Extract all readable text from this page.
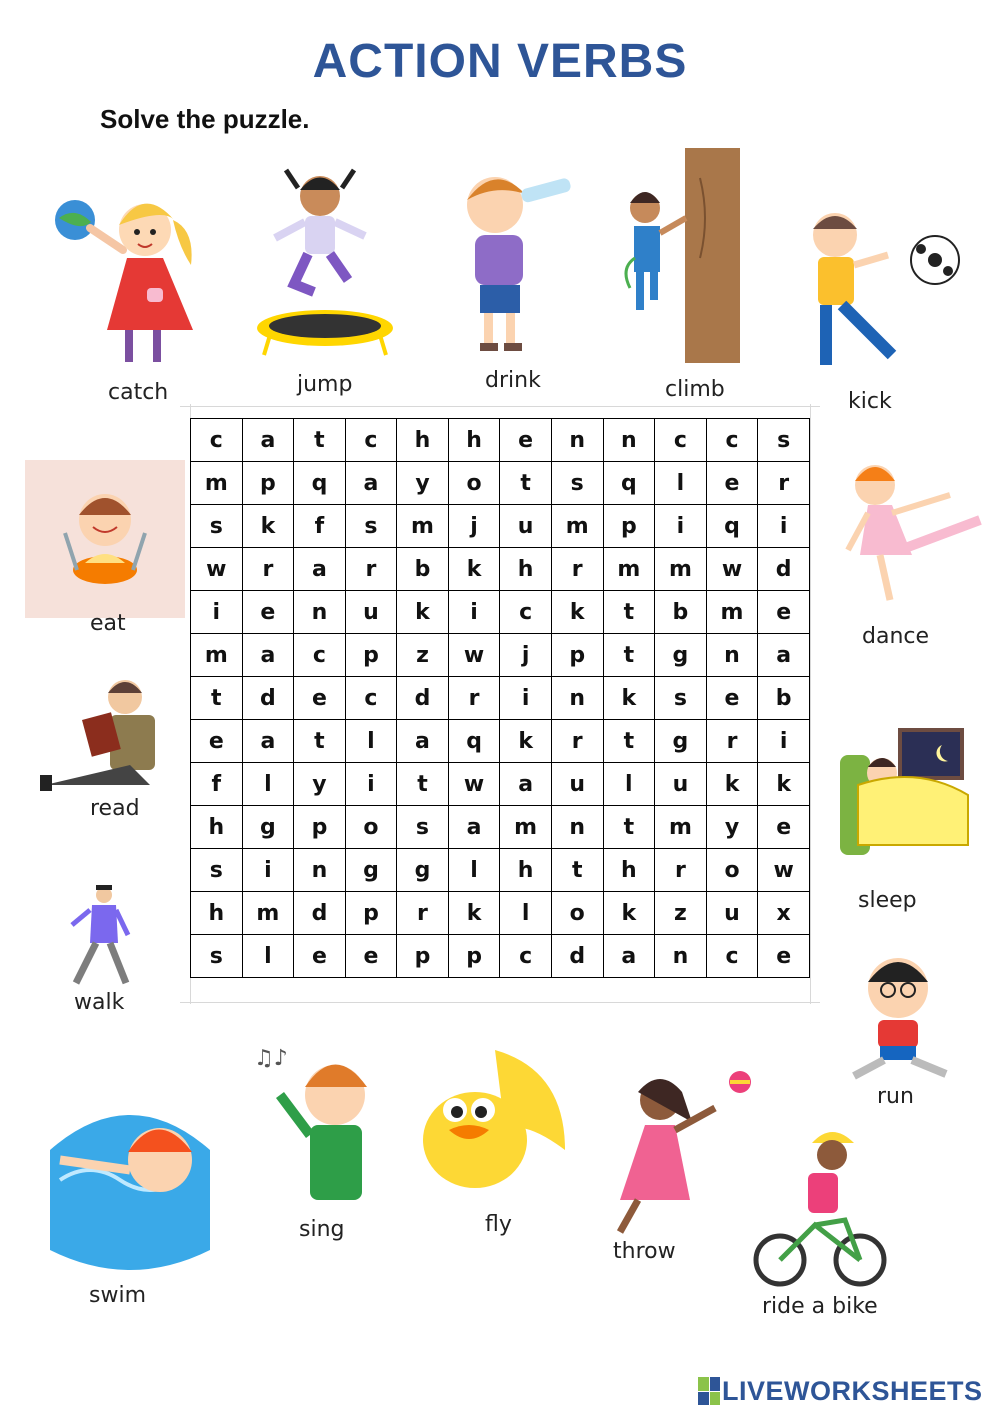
ACTION VERBS
Solve the puzzle.
♫♪
catch	jump	drink	climb	kick
eat
dance
read
sleep
walk
run
swim
sing	fly
throw
ride a bike
c	a	t	c	h	h	e	n	n	c	c	s
m	p	q	a	y	o	t	s	q	l	e	r
s	k	f	s	m	j	u	m	p	i	q	i
w	r	a	r	b	k	h	r	m	m	w	d
i	e	n	u	k	i	c	k	t	b	m	e
m	a	c	p	z	w	j	p	t	g	n	a
t	d	e	c	d	r	i	n	k	s	e	b
e	a	t	l	a	q	k	r	t	g	r	i
f	l	y	i	t	w	a	u	l	u	k	k
h	g	p	o	s	a	m	n	t	m	y	e
s	i	n	g	g	l	h	t	h	r	o	w
h	m	d	p	r	k	l	o	k	z	u	x
s	l	e	e	p	p	c	d	a	n	c	e
LIVEWORKSHEETS
